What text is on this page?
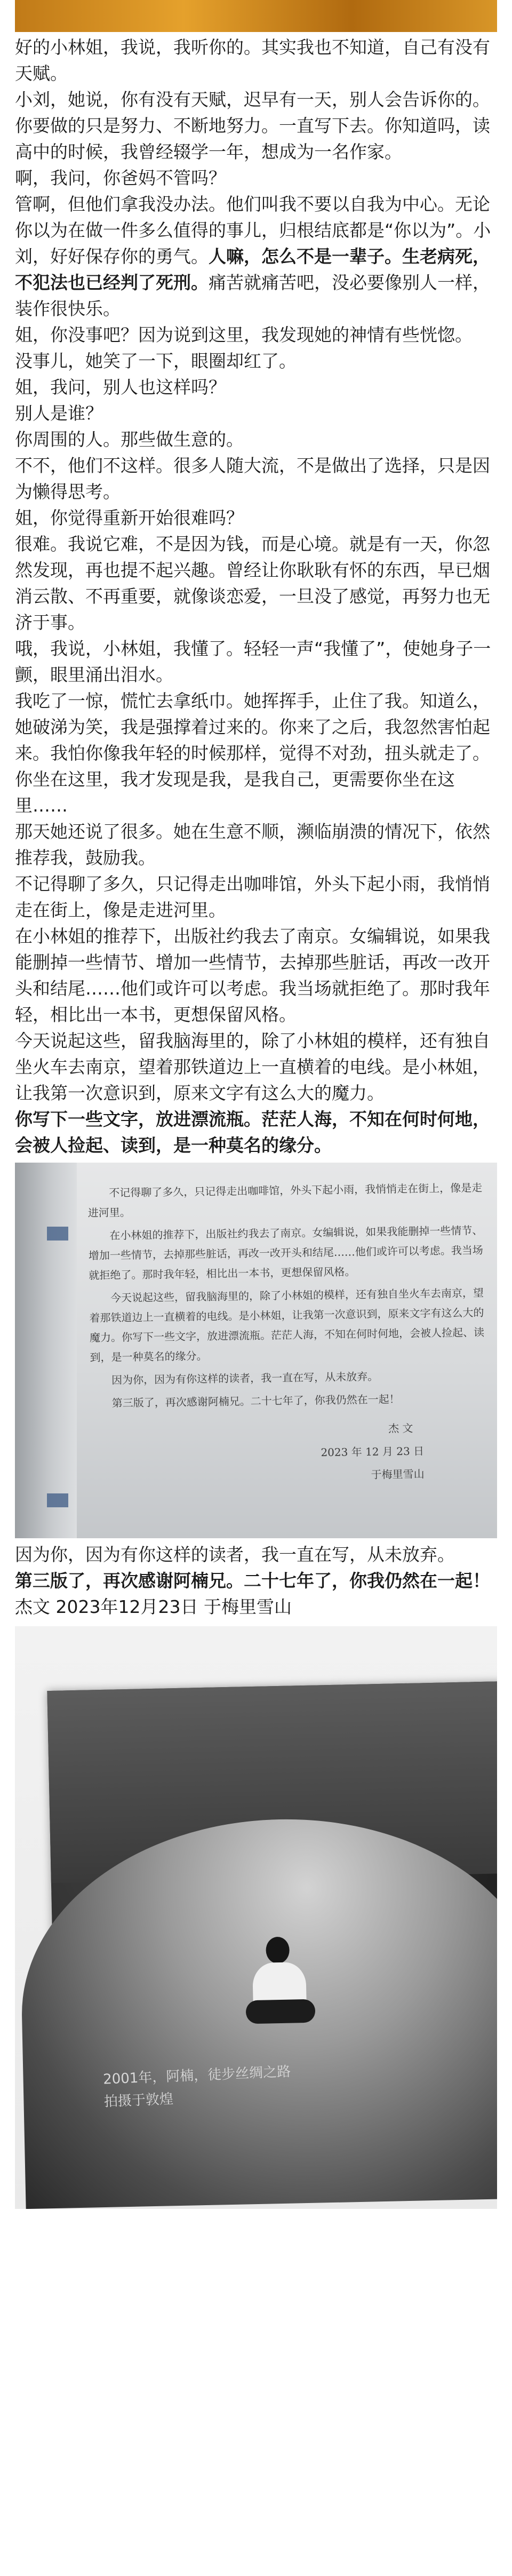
好的小林姐，我说，我听你的。其实我也不知道，自己有没有天赋。

小刘，她说，你有没有天赋，迟早有一天，别人会告诉你的。你要做的只是努力、不断地努力。一直写下去。你知道吗，读高中的时候，我曾经辍学一年，想成为一名作家。

啊，我问，你爸妈不管吗？

管啊，但他们拿我没办法。他们叫我不要以自我为中心。无论你以为在做一件多么值得的事儿，归根结底都是“你以为”。小刘，好好保存你的勇气。人嘛，怎么不是一辈子。生老病死，不犯法也已经判了死刑。痛苦就痛苦吧，没必要像别人一样，装作很快乐。

姐，你没事吧？因为说到这里，我发现她的神情有些恍惚。

没事儿，她笑了一下，眼圈却红了。

姐，我问，别人也这样吗？

别人是谁？

你周围的人。那些做生意的。

不不，他们不这样。很多人随大流，不是做出了选择，只是因为懒得思考。

姐，你觉得重新开始很难吗？

很难。我说它难，不是因为钱，而是心境。就是有一天，你忽然发现，再也提不起兴趣。曾经让你耿耿有怀的东西，早已烟消云散、不再重要，就像谈恋爱，一旦没了感觉，再努力也无济于事。

哦，我说，小林姐，我懂了。轻轻一声“我懂了”，使她身子一颤，眼里涌出泪水。

我吃了一惊，慌忙去拿纸巾。她挥挥手，止住了我。知道么，她破涕为笑，我是强撑着过来的。你来了之后，我忽然害怕起来。我怕你像我年轻的时候那样，觉得不对劲，扭头就走了。你坐在这里，我才发现是我，是我自己，更需要你坐在这里……

那天她还说了很多。她在生意不顺，濒临崩溃的情况下，依然推荐我，鼓励我。

不记得聊了多久，只记得走出咖啡馆，外头下起小雨，我悄悄走在街上，像是走进河里。

在小林姐的推荐下，出版社约我去了南京。女编辑说，如果我能删掉一些情节、增加一些情节，去掉那些脏话，再改一改开头和结尾……他们或许可以考虑。我当场就拒绝了。那时我年轻，相比出一本书，更想保留风格。

今天说起这些，留我脑海里的，除了小林姐的模样，还有独自坐火车去南京，望着那铁道边上一直横着的电线。是小林姐，让我第一次意识到，原来文字有这么大的魔力。

你写下一些文字，放进漂流瓶。茫茫人海，不知在何时何地，会被人捡起、读到，是一种莫名的缘分。

不记得聊了多久，只记得走出咖啡馆，外头下起小雨，我悄悄走在街上，像是走进河里。

在小林姐的推荐下，出版社约我去了南京。女编辑说，如果我能删掉一些情节、增加一些情节，去掉那些脏话，再改一改开头和结尾……他们或许可以考虑。我当场就拒绝了。那时我年轻，相比出一本书，更想保留风格。

今天说起这些，留我脑海里的，除了小林姐的模样，还有独自坐火车去南京，望着那铁道边上一直横着的电线。是小林姐，让我第一次意识到，原来文字有这么大的魔力。你写下一些文字，放进漂流瓶。茫茫人海，不知在何时何地，会被人捡起、读到，是一种莫名的缘分。

因为你，因为有你这样的读者，我一直在写，从未放弃。

第三版了，再次感谢阿楠兄。二十七年了，你我仍然在一起！

杰 文

2023 年 12 月 23 日

于梅里雪山

因为你，因为有你这样的读者，我一直在写，从未放弃。

第三版了，再次感谢阿楠兄。二十七年了，你我仍然在一起！

杰文 2023年12月23日 于梅里雪山

2001年，阿楠，徒步丝绸之路

拍摄于敦煌
